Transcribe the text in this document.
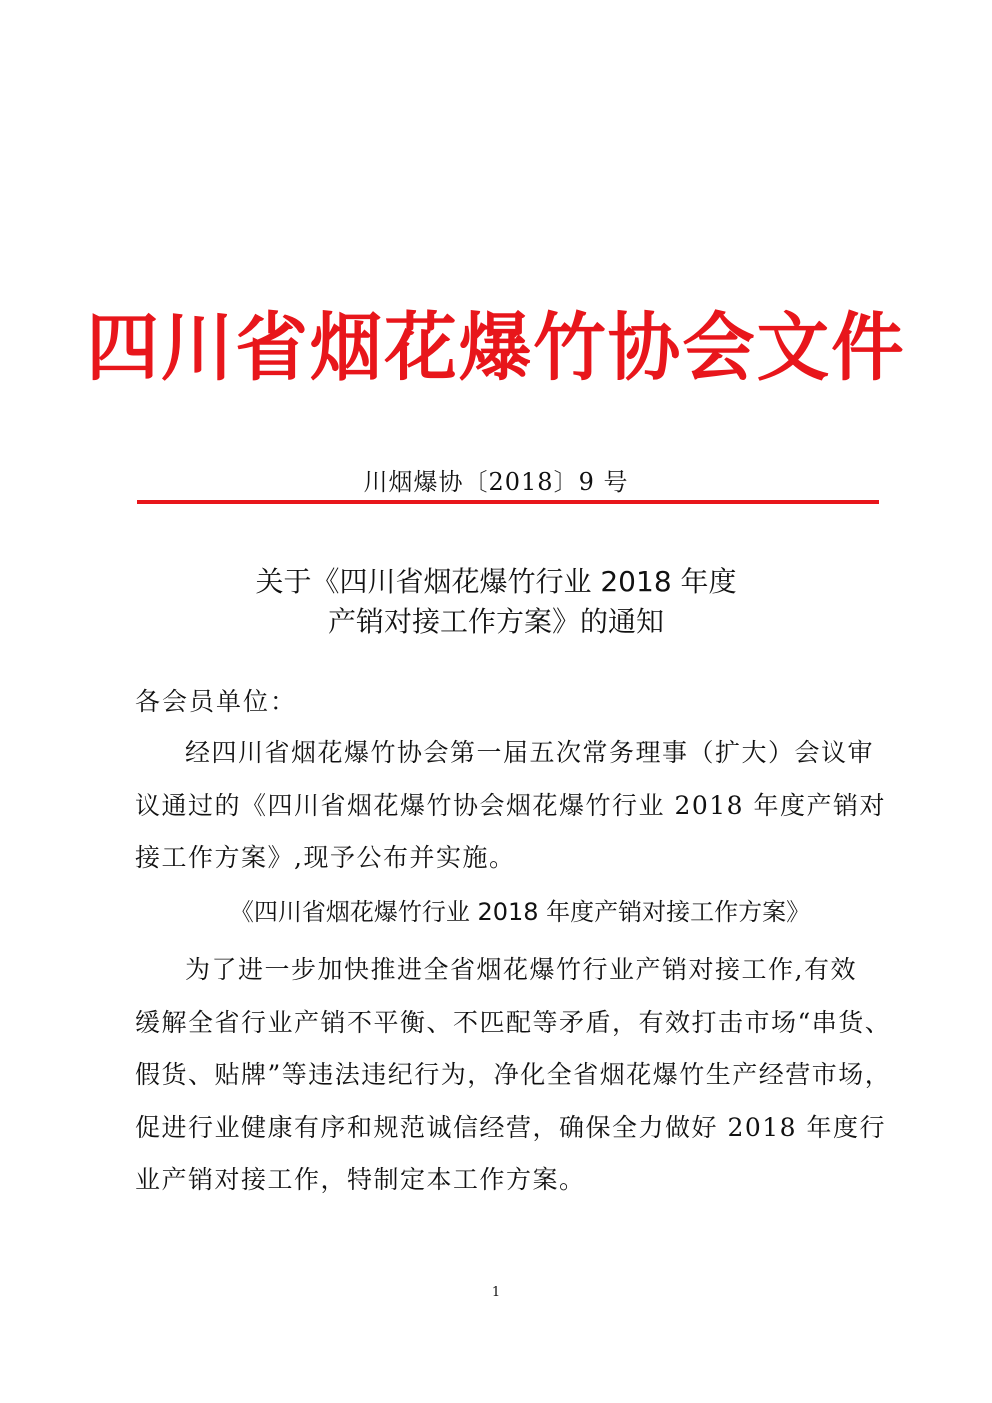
四川省烟花爆竹协会文件
川烟爆协〔2018〕9 号
关于《四川省烟花爆竹行业 2018 年度
产销对接工作方案》的通知
各会员单位：
经四川省烟花爆竹协会第一届五次常务理事（扩大）会议审
议通过的《四川省烟花爆竹协会烟花爆竹行业 2018 年度产销对
接工作方案》,现予公布并实施。
《四川省烟花爆竹行业 2018 年度产销对接工作方案》
为了进一步加快推进全省烟花爆竹行业产销对接工作,有效
缓解全省行业产销不平衡、不匹配等矛盾，有效打击市场“串货、
假货、贴牌”等违法违纪行为，净化全省烟花爆竹生产经营市场，
促进行业健康有序和规范诚信经营，确保全力做好 2018 年度行
业产销对接工作，特制定本工作方案。
1
